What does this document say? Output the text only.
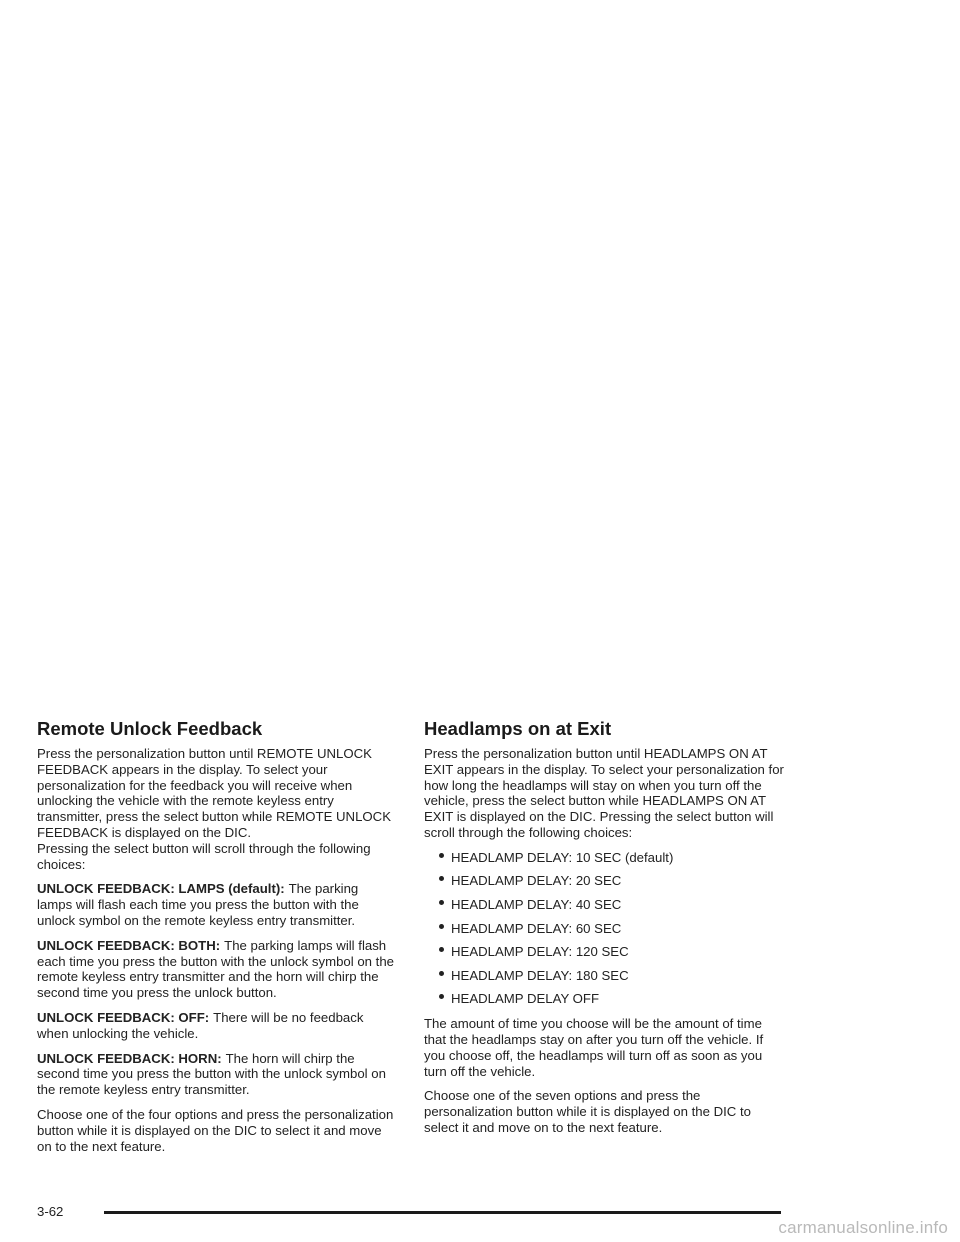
Remote Unlock Feedback

Press the personalization button until REMOTE UNLOCK FEEDBACK appears in the display. To select your personalization for the feedback you will receive when unlocking the vehicle with the remote keyless entry transmitter, press the select button while REMOTE UNLOCK FEEDBACK is displayed on the DIC.

Pressing the select button will scroll through the following choices:

UNLOCK FEEDBACK: LAMPS (default): The parking lamps will flash each time you press the button with the unlock symbol on the remote keyless entry transmitter.

UNLOCK FEEDBACK: BOTH: The parking lamps will flash each time you press the button with the unlock symbol on the remote keyless entry transmitter and the horn will chirp the second time you press the unlock button.

UNLOCK FEEDBACK: OFF: There will be no feedback when unlocking the vehicle.

UNLOCK FEEDBACK: HORN: The horn will chirp the second time you press the button with the unlock symbol on the remote keyless entry transmitter.

Choose one of the four options and press the personalization button while it is displayed on the DIC to select it and move on to the next feature.

Headlamps on at Exit

Press the personalization button until HEADLAMPS ON AT EXIT appears in the display. To select your personalization for how long the headlamps will stay on when you turn off the vehicle, press the select button while HEADLAMPS ON AT EXIT is displayed on the DIC. Pressing the select button will scroll through the following choices:

HEADLAMP DELAY: 10 SEC (default)
HEADLAMP DELAY: 20 SEC
HEADLAMP DELAY: 40 SEC
HEADLAMP DELAY: 60 SEC
HEADLAMP DELAY: 120 SEC
HEADLAMP DELAY: 180 SEC
HEADLAMP DELAY OFF

The amount of time you choose will be the amount of time that the headlamps stay on after you turn off the vehicle. If you choose off, the headlamps will turn off as soon as you turn off the vehicle.

Choose one of the seven options and press the personalization button while it is displayed on the DIC to select it and move on to the next feature.

3-62
carmanualsonline.info
